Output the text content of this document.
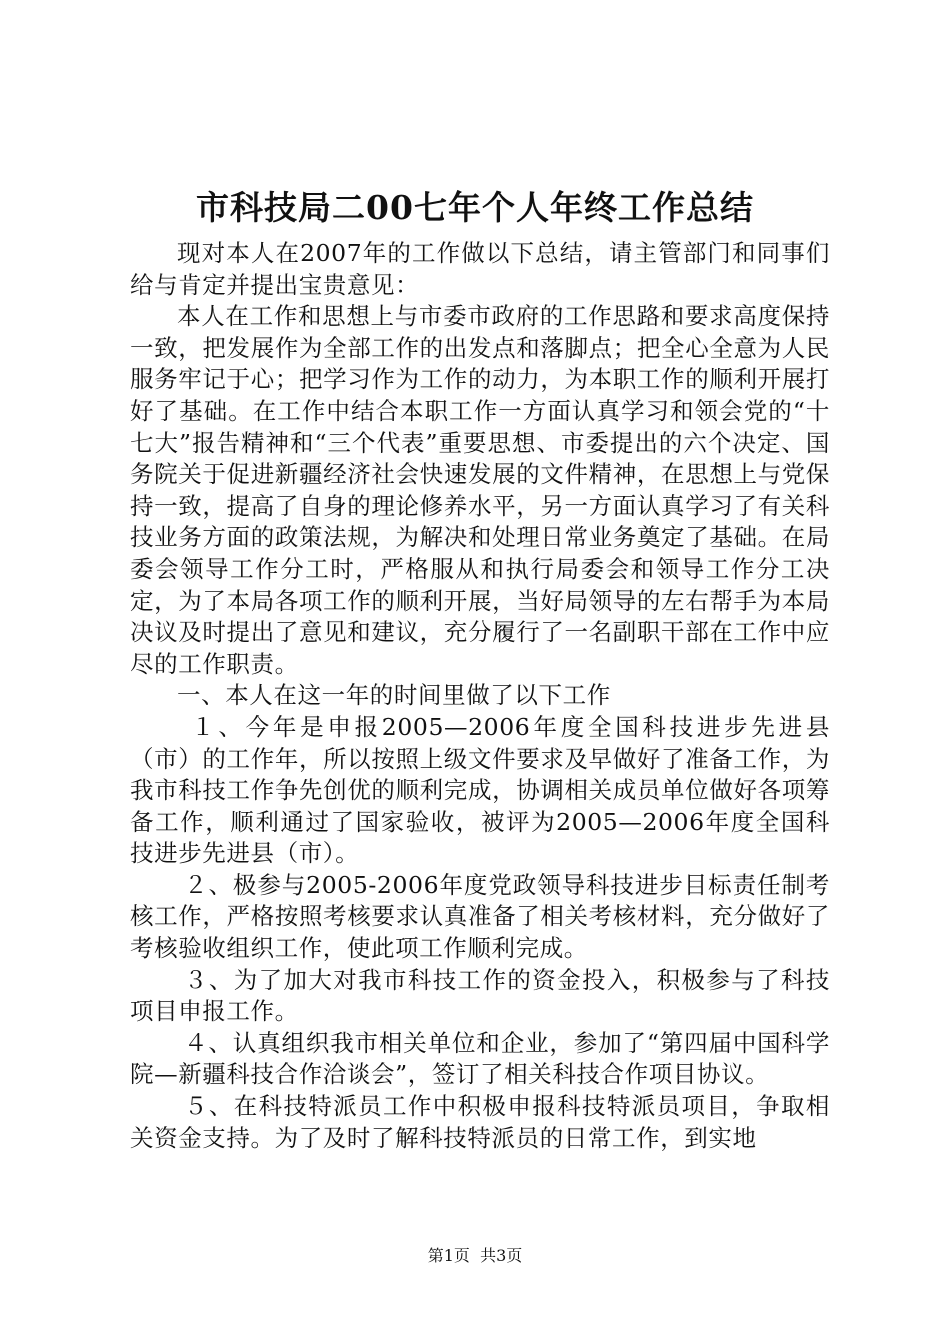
市科技局二00七年个人年终工作总结

现对本人在2007年的工作做以下总结，请主管部门和同事们给与肯定并提出宝贵意见：

本人在工作和思想上与市委市政府的工作思路和要求高度保持一致，把发展作为全部工作的出发点和落脚点；把全心全意为人民服务牢记于心；把学习作为工作的动力，为本职工作的顺利开展打好了基础。在工作中结合本职工作一方面认真学习和领会党的“十七大”报告精神和“三个代表”重要思想、市委提出的六个决定、国务院关于促进新疆经济社会快速发展的文件精神，在思想上与党保持一致，提高了自身的理论修养水平，另一方面认真学习了有关科技业务方面的政策法规，为解决和处理日常业务奠定了基础。在局委会领导工作分工时，严格服从和执行局委会和领导工作分工决定，为了本局各项工作的顺利开展，当好局领导的左右帮手为本局决议及时提出了意见和建议，充分履行了一名副职干部在工作中应尽的工作职责。

一、本人在这一年的时间里做了以下工作

１、今年是申报2005—2006年度全国科技进步先进县（市）的工作年，所以按照上级文件要求及早做好了准备工作，为我市科技工作争先创优的顺利完成，协调相关成员单位做好各项筹备工作，顺利通过了国家验收，被评为2005—2006年度全国科技进步先进县（市）。

２、极参与2005-2006年度党政领导科技进步目标责任制考核工作，严格按照考核要求认真准备了相关考核材料，充分做好了考核验收组织工作，使此项工作顺利完成。

３、为了加大对我市科技工作的资金投入，积极参与了科技项目申报工作。

４、认真组织我市相关单位和企业，参加了“第四届中国科学院—新疆科技合作洽谈会”，签订了相关科技合作项目协议。

５、在科技特派员工作中积极申报科技特派员项目，争取相关资金支持。为了及时了解科技特派员的日常工作，到实地

第1页  共3页
